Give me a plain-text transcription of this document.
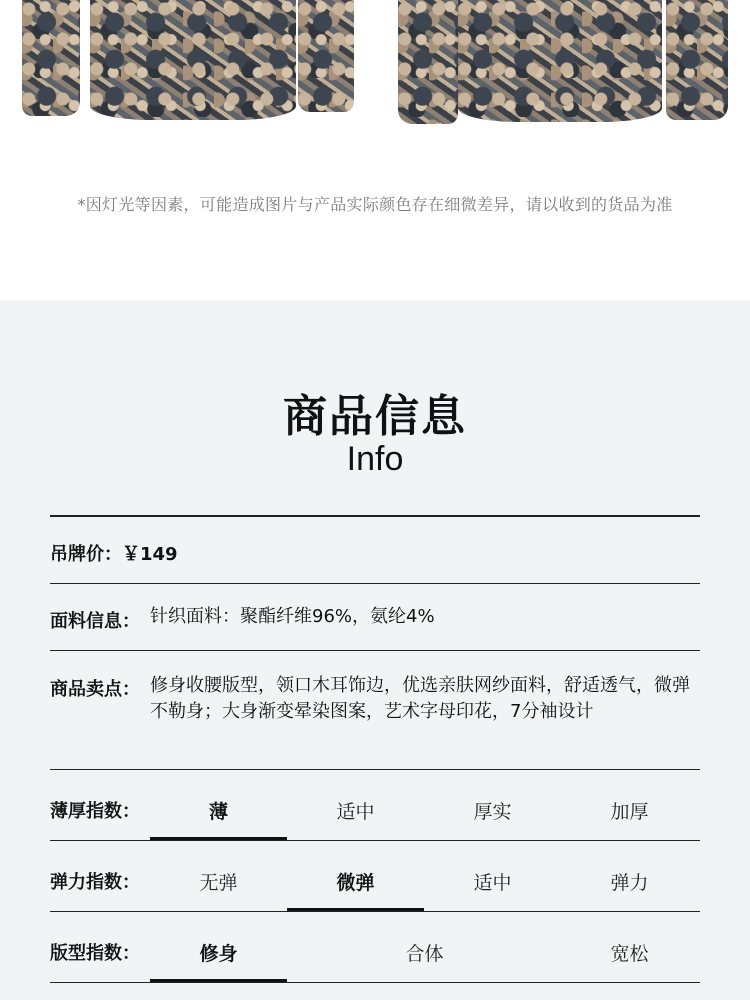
*因灯光等因素，可能造成图片与产品实际颜色存在细微差异，请以收到的货品为准
商品信息
Info
吊牌价：￥149
面料信息： 针织面料：聚酯纤维96%，氨纶4%
商品卖点： 修身收腰版型，领口木耳饰边，优选亲肤网纱面料，舒适透气，微弹不勒身；大身渐变晕染图案，艺术字母印花，7分袖设计
薄厚指数：	薄	适中	厚实	加厚
弹力指数：	无弹	微弹	适中	弹力
版型指数：	修身	合体	宽松
